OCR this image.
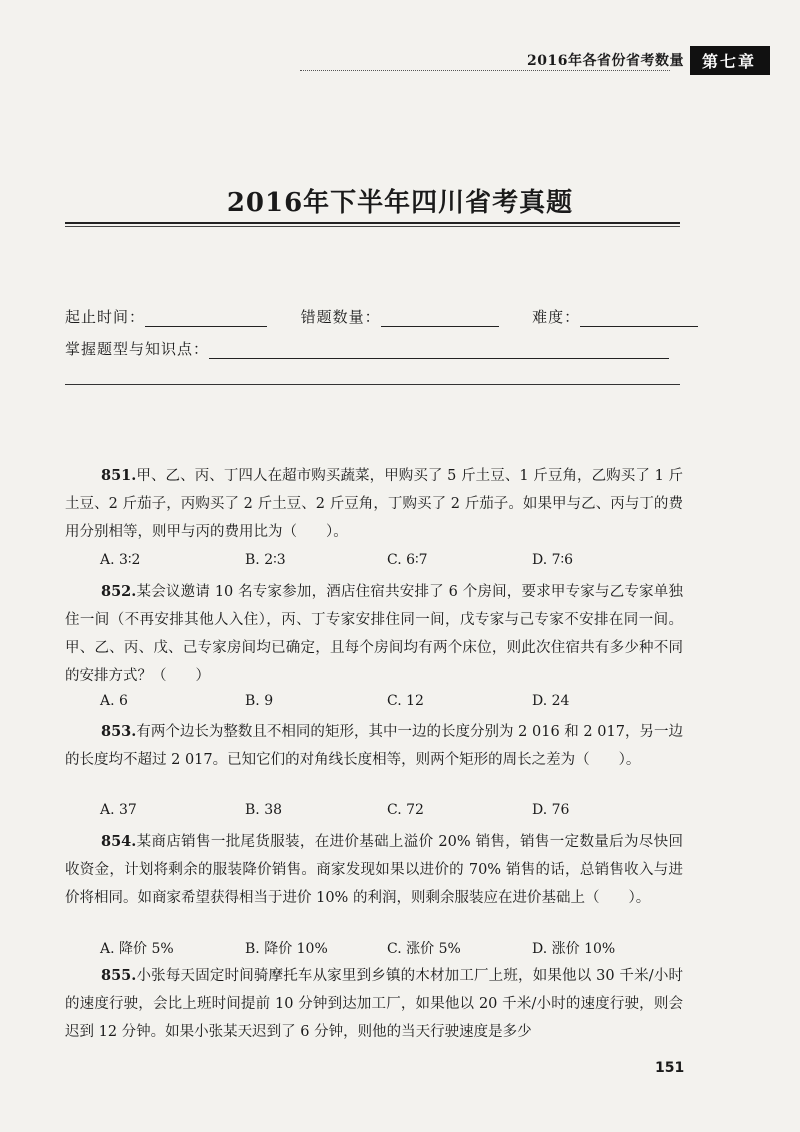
2016年各省份省考数量	第七章
2016年下半年四川省考真题
起止时间：	错题数量：	难度：
掌握题型与知识点：
851.甲、乙、丙、丁四人在超市购买蔬菜，甲购买了 5 斤土豆、1 斤豆角，乙购买了 1 斤土豆、2 斤茄子，丙购买了 2 斤土豆、2 斤豆角，丁购买了 2 斤茄子。如果甲与乙、丙与丁的费用分别相等，则甲与丙的费用比为（　　）。
A. 3∶2	B. 2∶3	C. 6∶7	D. 7∶6
852.某会议邀请 10 名专家参加，酒店住宿共安排了 6 个房间，要求甲专家与乙专家单独住一间（不再安排其他人入住），丙、丁专家安排住同一间，戊专家与己专家不安排在同一间。甲、乙、丙、戊、己专家房间均已确定，且每个房间均有两个床位，则此次住宿共有多少种不同的安排方式？（　　）
A. 6	B. 9	C. 12	D. 24
853.有两个边长为整数且不相同的矩形，其中一边的长度分别为 2 016 和 2 017，另一边的长度均不超过 2 017。已知它们的对角线长度相等，则两个矩形的周长之差为（　　）。
A. 37	B. 38	C. 72	D. 76
854.某商店销售一批尾货服装，在进价基础上溢价 20% 销售，销售一定数量后为尽快回收资金，计划将剩余的服装降价销售。商家发现如果以进价的 70% 销售的话，总销售收入与进价将相同。如商家希望获得相当于进价 10% 的利润，则剩余服装应在进价基础上（　　）。
A. 降价 5%	B. 降价 10%	C. 涨价 5%	D. 涨价 10%
855.小张每天固定时间骑摩托车从家里到乡镇的木材加工厂上班，如果他以 30 千米/小时的速度行驶，会比上班时间提前 10 分钟到达加工厂，如果他以 20 千米/小时的速度行驶，则会迟到 12 分钟。如果小张某天迟到了 6 分钟，则他的当天行驶速度是多少
151
